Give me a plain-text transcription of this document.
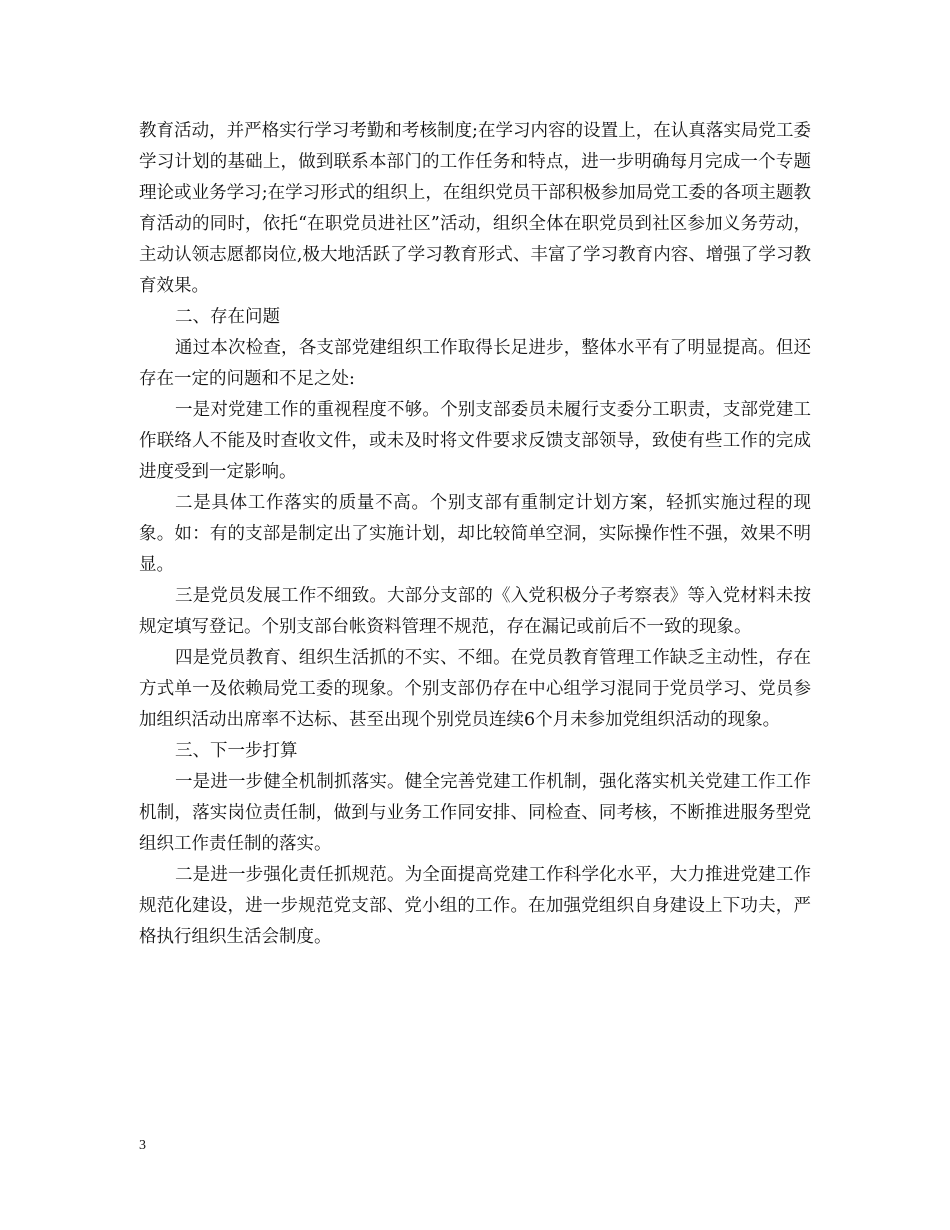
教育活动，并严格实行学习考勤和考核制度;在学习内容的设置上，在认真落实局党工委学习计划的基础上，做到联系本部门的工作任务和特点，进一步明确每月完成一个专题理论或业务学习;在学习形式的组织上，在组织党员干部积极参加局党工委的各项主题教育活动的同时，依托“在职党员进社区”活动，组织全体在职党员到社区参加义务劳动，主动认领志愿都岗位,极大地活跃了学习教育形式、丰富了学习教育内容、增强了学习教育效果。

二、存在问题

通过本次检查，各支部党建组织工作取得长足进步，整体水平有了明显提高。但还存在一定的问题和不足之处:

一是对党建工作的重视程度不够。个别支部委员未履行支委分工职责，支部党建工作联络人不能及时查收文件，或未及时将文件要求反馈支部领导，致使有些工作的完成进度受到一定影响。

二是具体工作落实的质量不高。个别支部有重制定计划方案，轻抓实施过程的现象。如：有的支部是制定出了实施计划，却比较简单空洞，实际操作性不强，效果不明显。

三是党员发展工作不细致。大部分支部的《入党积极分子考察表》等入党材料未按规定填写登记。个别支部台帐资料管理不规范，存在漏记或前后不一致的现象。

四是党员教育、组织生活抓的不实、不细。在党员教育管理工作缺乏主动性，存在方式单一及依赖局党工委的现象。个别支部仍存在中心组学习混同于党员学习、党员参加组织活动出席率不达标、甚至出现个别党员连续6个月未参加党组织活动的现象。

三、下一步打算

一是进一步健全机制抓落实。健全完善党建工作机制，强化落实机关党建工作工作机制，落实岗位责任制，做到与业务工作同安排、同检查、同考核，不断推进服务型党组织工作责任制的落实。

二是进一步强化责任抓规范。为全面提高党建工作科学化水平，大力推进党建工作规范化建设，进一步规范党支部、党小组的工作。在加强党组织自身建设上下功夫，严格执行组织生活会制度。

3
